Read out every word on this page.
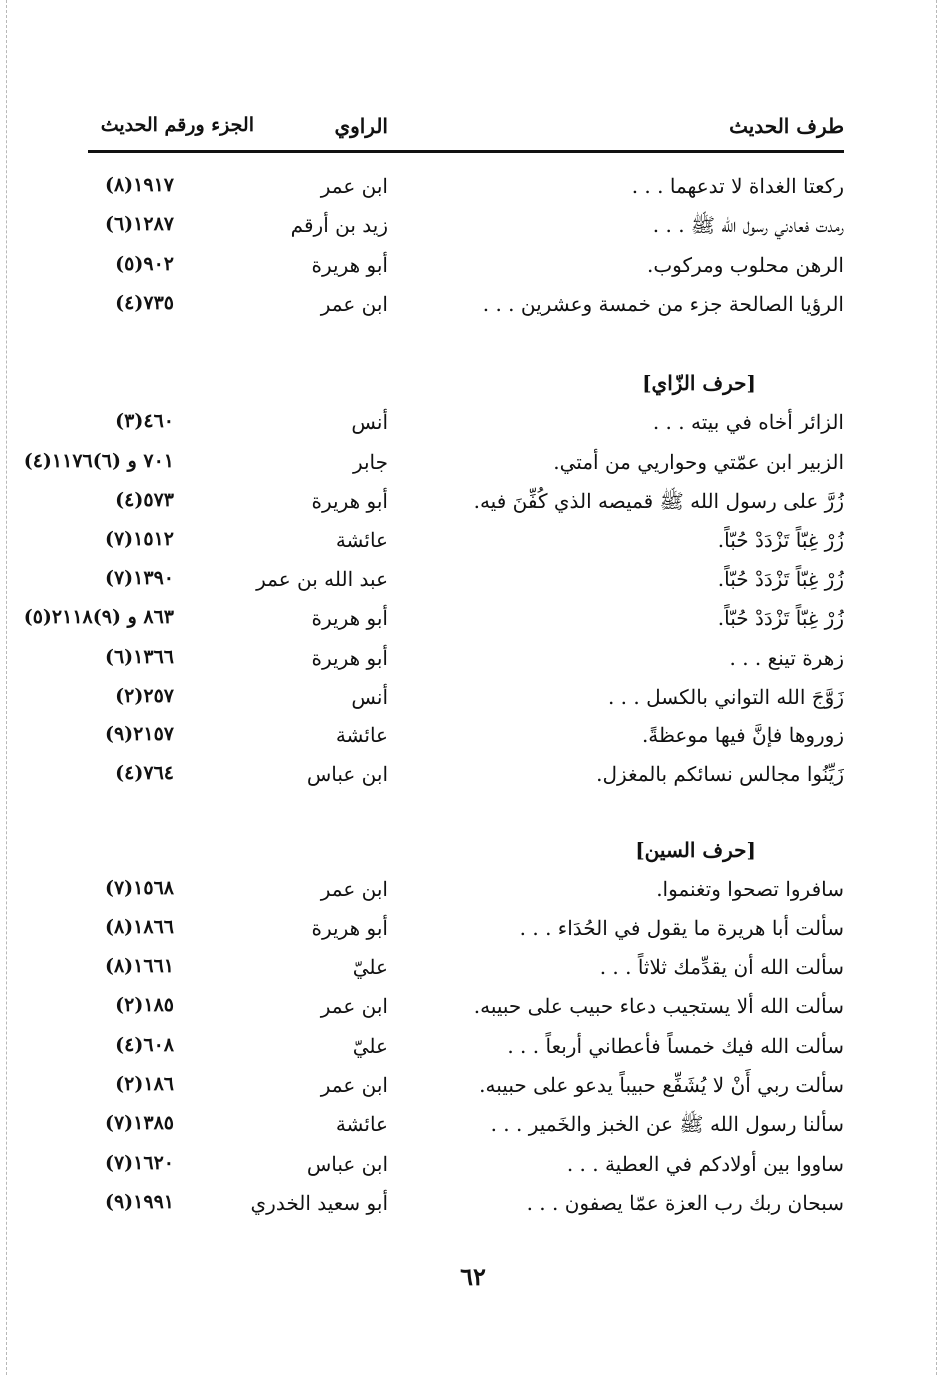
طرف الحديث
الراوي
الجزء ورقم الحديث
ركعتا الغداة لا تدعهما . . .
ابن عمر
(٨)١٩١٧
رمدت فعادني رسول الله ﷺ . . .
زيد بن أرقم
(٦)١٢٨٧
الرهن محلوب ومركوب.
أبو هريرة
(٥)٩٠٢
الرؤيا الصالحة جزء من خمسة وعشرين . . .
ابن عمر
(٤)٧٣٥
الزائر أخاه في بيته . . .
أنس
(٣)٤٦٠
الزبير ابن عمّتي وحواريي من أمتي.
جابر
(٤)٧٠١ و (٦)١١٧٦
زُرَّ على رسول الله ﷺ قميصه الذي كُفِّنَ فيه.
أبو هريرة
(٤)٥٧٣
زُرْ غِبّاً تَزْدَدْ حُبّاً.
عائشة
(٧)١٥١٢
زُرْ غِبّاً تَزْدَدْ حُبّاً.
عبد الله بن عمر
(٧)١٣٩٠
زُرْ غِبّاً تَزْدَدْ حُبّاً.
أبو هريرة
(٥)٨٦٣ و (٩)٢١١٨
زهرة تينع . . .
أبو هريرة
(٦)١٣٦٦
زَوَّجَ الله التواني بالكسل . . .
أنس
(٢)٢٥٧
زوروها فإنَّ فيها موعظةً.
عائشة
(٩)٢١٥٧
زَيِّنُوا مجالس نسائكم بالمغزل.
ابن عباس
(٤)٧٦٤
سافروا تصحوا وتغنموا.
ابن عمر
(٧)١٥٦٨
سألت أبا هريرة ما يقول في الحُدَاء . . .
أبو هريرة
(٨)١٨٦٦
سألت الله أن يقدِّمك ثلاثاً . . .
عليّ
(٨)١٦٦١
سألت الله ألا يستجيب دعاء حبيب على حبيبه.
ابن عمر
(٢)١٨٥
سألت الله فيك خمساً فأعطاني أربعاً . . .
عليّ
(٤)٦٠٨
سألت ربي أَنْ لا يُشَفِّع حبيباً يدعو على حبيبه.
ابن عمر
(٢)١٨٦
سألنا رسول الله ﷺ عن الخبز والخَمير . . .
عائشة
(٧)١٣٨٥
ساووا بين أولادكم في العطية . . .
ابن عباس
(٧)١٦٢٠
سبحان ربك رب العزة عمّا يصفون . . .
أبو سعيد الخدري
(٩)١٩٩١
[حرف الزّاي]
[حرف السين]
٦٢
